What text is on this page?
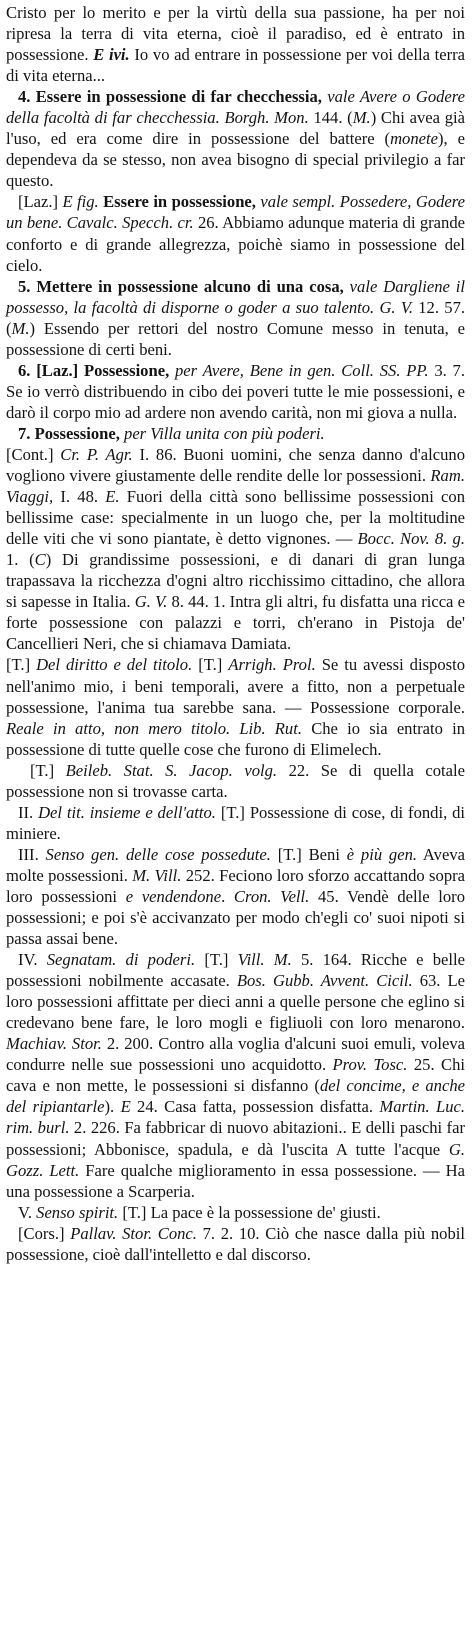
Cristo per lo merito e per la virtù della sua passione, ha per noi ripresa la terra di vita eterna, cioè il paradiso, ed è entrato in possessione. E ivi. Io vo ad entrare in possessione per voi della terra di vita eterna...

4. Essere in possessione di far checchessia, vale Avere o Godere della facoltà di far checchessia. Borgh. Mon. 144. (M.) Chi avea già l'uso, ed era come dire in possessione del battere (monete), e dependeva da se stesso, non avea bisogno di special privilegio a far questo.

[Laz.] E fig. Essere in possessione, vale sempl. Possedere, Godere un bene. Cavalc. Specch. cr. 26. Abbiamo adunque materia di grande conforto e di grande allegrezza, poichè siamo in possessione del cielo.

5. Mettere in possessione alcuno di una cosa, vale Dargliene il possesso, la facoltà di disporne o goder a suo talento. G. V. 12. 57. (M.) Essendo per rettori del nostro Comune messo in tenuta, e possessione di certi beni.

6. [Laz.] Possessione, per Avere, Bene in gen. Coll. SS. PP. 3. 7. Se io verrò distribuendo in cibo dei poveri tutte le mie possessioni, e darò il corpo mio ad ardere non avendo carità, non mi giova a nulla.

7. Possessione, per Villa unita con più poderi.

[Cont.] Cr. P. Agr. I. 86. Buoni uomini, che senza danno d'alcuno vogliono vivere giustamente delle rendite delle lor possessioni. Ram. Viaggi, I. 48. E. Fuori della città sono bellissime possessioni con bellissime case: specialmente in un luogo che, per la moltitudine delle viti che vi sono piantate, è detto vignones. — Bocc. Nov. 8. g. 1. (C) Di grandissime possessioni, e di danari di gran lunga trapassava la ricchezza d'ogni altro ricchissimo cittadino, che allora si sapesse in Italia. G. V. 8. 44. 1. Intra gli altri, fu disfatta una ricca e forte possessione con palazzi e torri, ch'erano in Pistoja de' Cancellieri Neri, che si chiamava Damiata.

[T.] Del diritto e del titolo. [T.] Arrigh. Prol. Se tu avessi disposto nell'animo mio, i beni temporali, avere a fitto, non a perpetuale possessione, l'anima tua sarebbe sana. — Possessione corporale. Reale in atto, non mero titolo. Lib. Rut. Che io sia entrato in possessione di tutte quelle cose che furono di Elimelech.

[T.] Beileb. Stat. S. Jacop. volg. 22. Se di quella cotale possessione non si trovasse carta.

II. Del tit. insieme e dell'atto. [T.] Possessione di cose, di fondi, di miniere.

III. Senso gen. delle cose possedute. [T.] Beni è più gen. Aveva molte possessioni. M. Vill. 252. Feciono loro sforzo accattando sopra loro possessioni e vendendone. Cron. Vell. 45. Vendè delle loro possessioni; e poi s'è accivanzato per modo ch'egli co' suoi nipoti si passa assai bene.

IV. Segnatam. di poderi. [T.] Vill. M. 5. 164. Ricche e belle possessioni nobilmente accasate. Bos. Gubb. Avvent. Cicil. 63. Le loro possessioni affittate per dieci anni a quelle persone che eglino si credevano bene fare, le loro mogli e figliuoli con loro menarono. Machiav. Stor. 2. 200. Contro alla voglia d'alcuni suoi emuli, voleva condurre nelle sue possessioni uno acquidotto. Prov. Tosc. 25. Chi cava e non mette, le possessioni si disfanno (del concime, e anche del ripiantarle). E 24. Casa fatta, possession disfatta. Martin. Luc. rim. burl. 2. 226. Fa fabbricar di nuovo abitazioni.. E delli paschi far possessioni; Abbonisce, spadula, e dà l'uscita A tutte l'acque G. Gozz. Lett. Fare qualche miglioramento in essa possessione. — Ha una possessione a Scarperia.

V. Senso spirit. [T.] La pace è la possessione de' giusti.

[Cors.] Pallav. Stor. Conc. 7. 2. 10. Ciò che nasce dalla più nobil possessione, cioè dall'intelletto e dal discorso.
